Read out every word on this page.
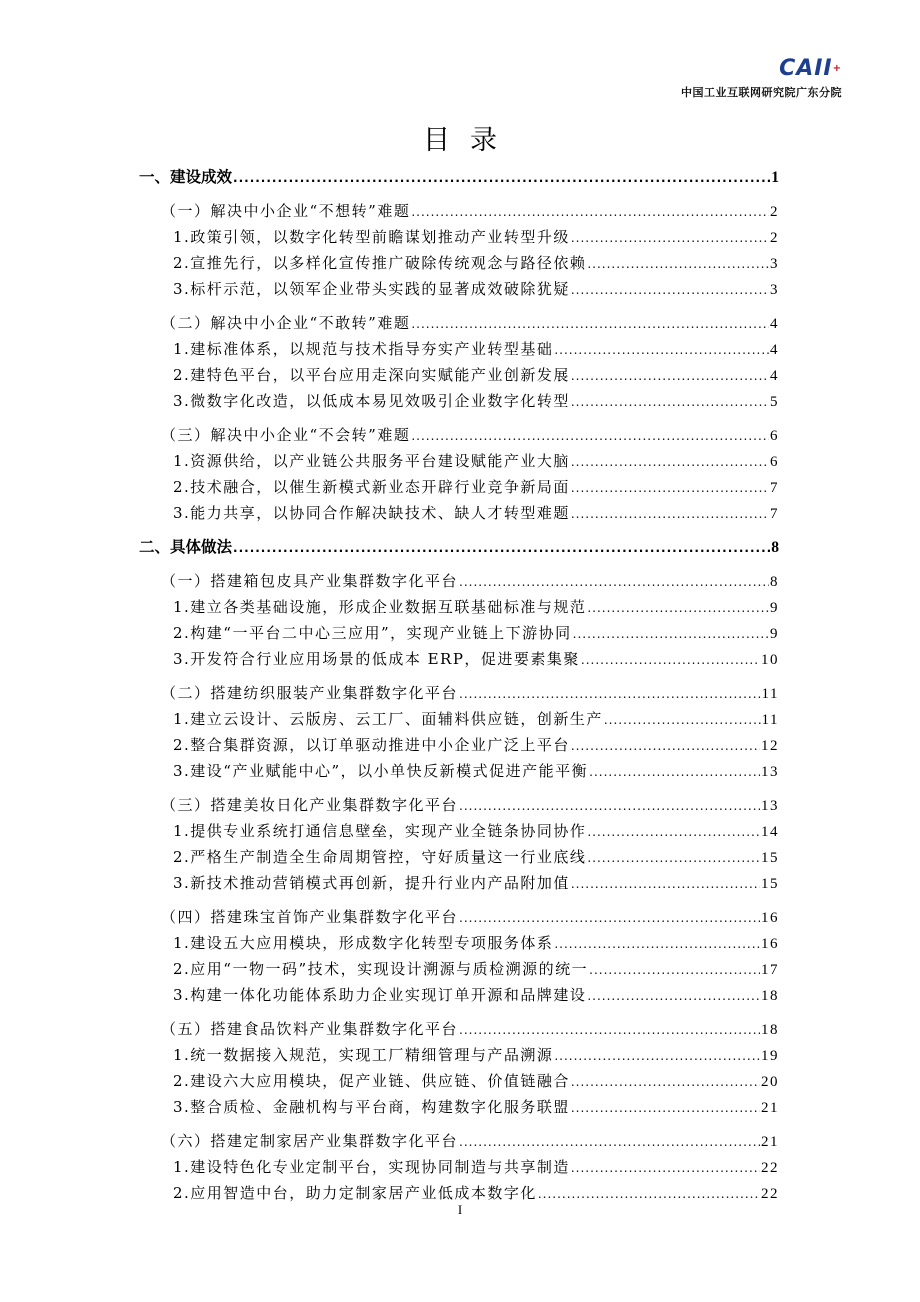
CAII+
中国工业互联网研究院广东分院
目录
一、建设成效 .....	1
（一）解决中小企业“不想转”难题 .....	2
1.政策引领，以数字化转型前瞻谋划推动产业转型升级 .....	2
2.宣推先行，以多样化宣传推广破除传统观念与路径依赖 .....	3
3.标杆示范，以领军企业带头实践的显著成效破除犹疑 .....	3
（二）解决中小企业“不敢转”难题 .....	4
1.建标准体系，以规范与技术指导夯实产业转型基础 .....	4
2.建特色平台，以平台应用走深向实赋能产业创新发展 .....	4
3.微数字化改造，以低成本易见效吸引企业数字化转型 .....	5
（三）解决中小企业“不会转”难题 .....	6
1.资源供给，以产业链公共服务平台建设赋能产业大脑 .....	6
2.技术融合，以催生新模式新业态开辟行业竞争新局面 .....	7
3.能力共享，以协同合作解决缺技术、缺人才转型难题 .....	7
二、具体做法 .....	8
（一）搭建箱包皮具产业集群数字化平台 .....	8
1.建立各类基础设施，形成企业数据互联基础标准与规范 .....	9
2.构建“一平台二中心三应用”，实现产业链上下游协同 .....	9
3.开发符合行业应用场景的低成本 ERP，促进要素集聚 .....	10
（二）搭建纺织服装产业集群数字化平台 .....	11
1.建立云设计、云版房、云工厂、面辅料供应链，创新生产 .....	11
2.整合集群资源，以订单驱动推进中小企业广泛上平台 .....	12
3.建设“产业赋能中心”，以小单快反新模式促进产能平衡 .....	13
（三）搭建美妆日化产业集群数字化平台 .....	13
1.提供专业系统打通信息壁垒，实现产业全链条协同协作 .....	14
2.严格生产制造全生命周期管控，守好质量这一行业底线 .....	15
3.新技术推动营销模式再创新，提升行业内产品附加值 .....	15
（四）搭建珠宝首饰产业集群数字化平台 .....	16
1.建设五大应用模块，形成数字化转型专项服务体系 .....	16
2.应用“一物一码”技术，实现设计溯源与质检溯源的统一 .....	17
3.构建一体化功能体系助力企业实现订单开源和品牌建设 .....	18
（五）搭建食品饮料产业集群数字化平台 .....	18
1.统一数据接入规范，实现工厂精细管理与产品溯源 .....	19
2.建设六大应用模块，促产业链、供应链、价值链融合 .....	20
3.整合质检、金融机构与平台商，构建数字化服务联盟 .....	21
（六）搭建定制家居产业集群数字化平台 .....	21
1.建设特色化专业定制平台，实现协同制造与共享制造 .....	22
2.应用智造中台，助力定制家居产业低成本数字化 .....	22
I
